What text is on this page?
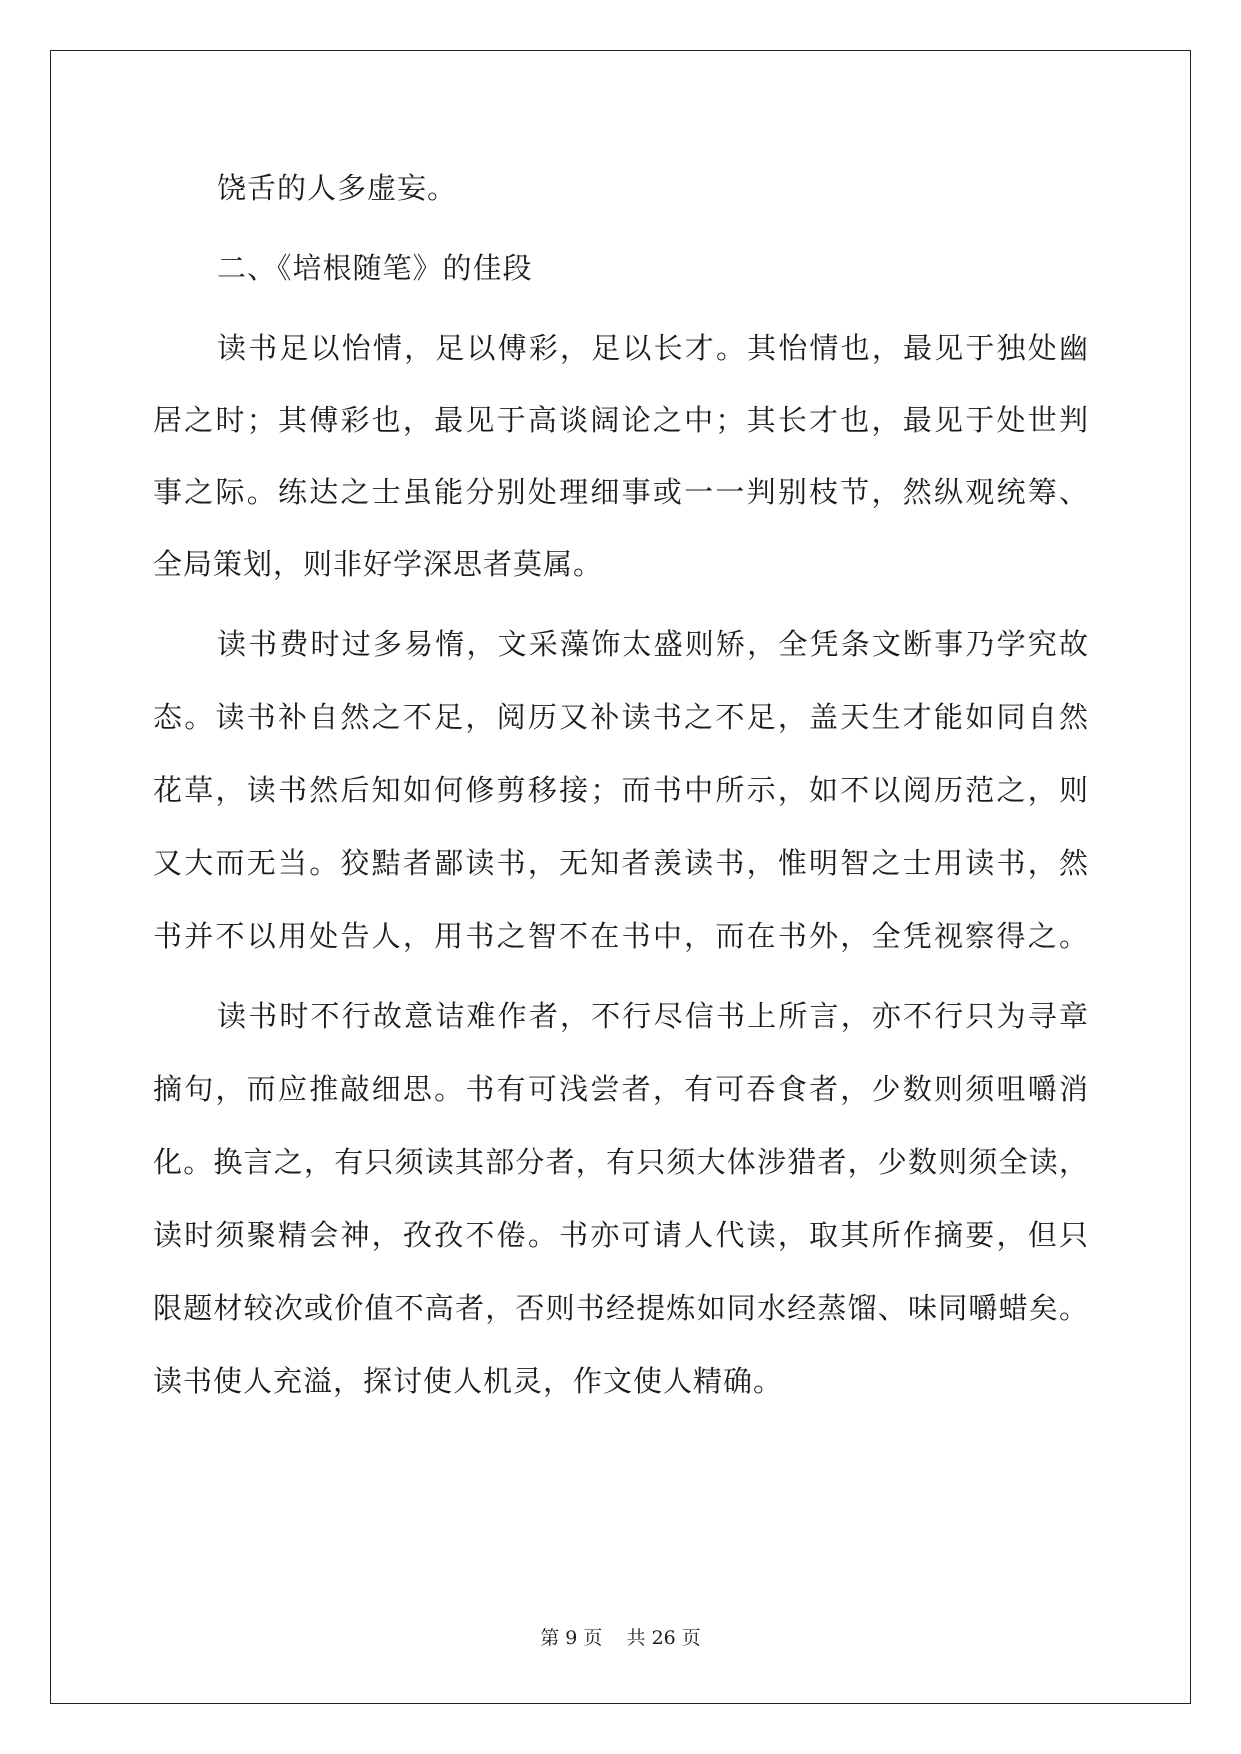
饶舌的人多虚妄。
二、《培根随笔》的佳段
读书足以怡情，足以傅彩，足以长才。其怡情也，最见于独处幽
居之时；其傅彩也，最见于高谈阔论之中；其长才也，最见于处世判
事之际。练达之士虽能分别处理细事或一一判别枝节，然纵观统筹、
全局策划，则非好学深思者莫属。
读书费时过多易惰，文采藻饰太盛则矫，全凭条文断事乃学究故
态。读书补自然之不足，阅历又补读书之不足，盖天生才能如同自然
花草，读书然后知如何修剪移接；而书中所示，如不以阅历范之，则
又大而无当。狡黠者鄙读书，无知者羡读书，惟明智之士用读书，然
书并不以用处告人，用书之智不在书中，而在书外，全凭视察得之。
读书时不行故意诘难作者，不行尽信书上所言，亦不行只为寻章
摘句，而应推敲细思。书有可浅尝者，有可吞食者，少数则须咀嚼消
化。换言之，有只须读其部分者，有只须大体涉猎者，少数则须全读，
读时须聚精会神，孜孜不倦。书亦可请人代读，取其所作摘要，但只
限题材较次或价值不高者，否则书经提炼如同水经蒸馏、味同嚼蜡矣。
读书使人充溢，探讨使人机灵，作文使人精确。
第 9 页 共 26 页
